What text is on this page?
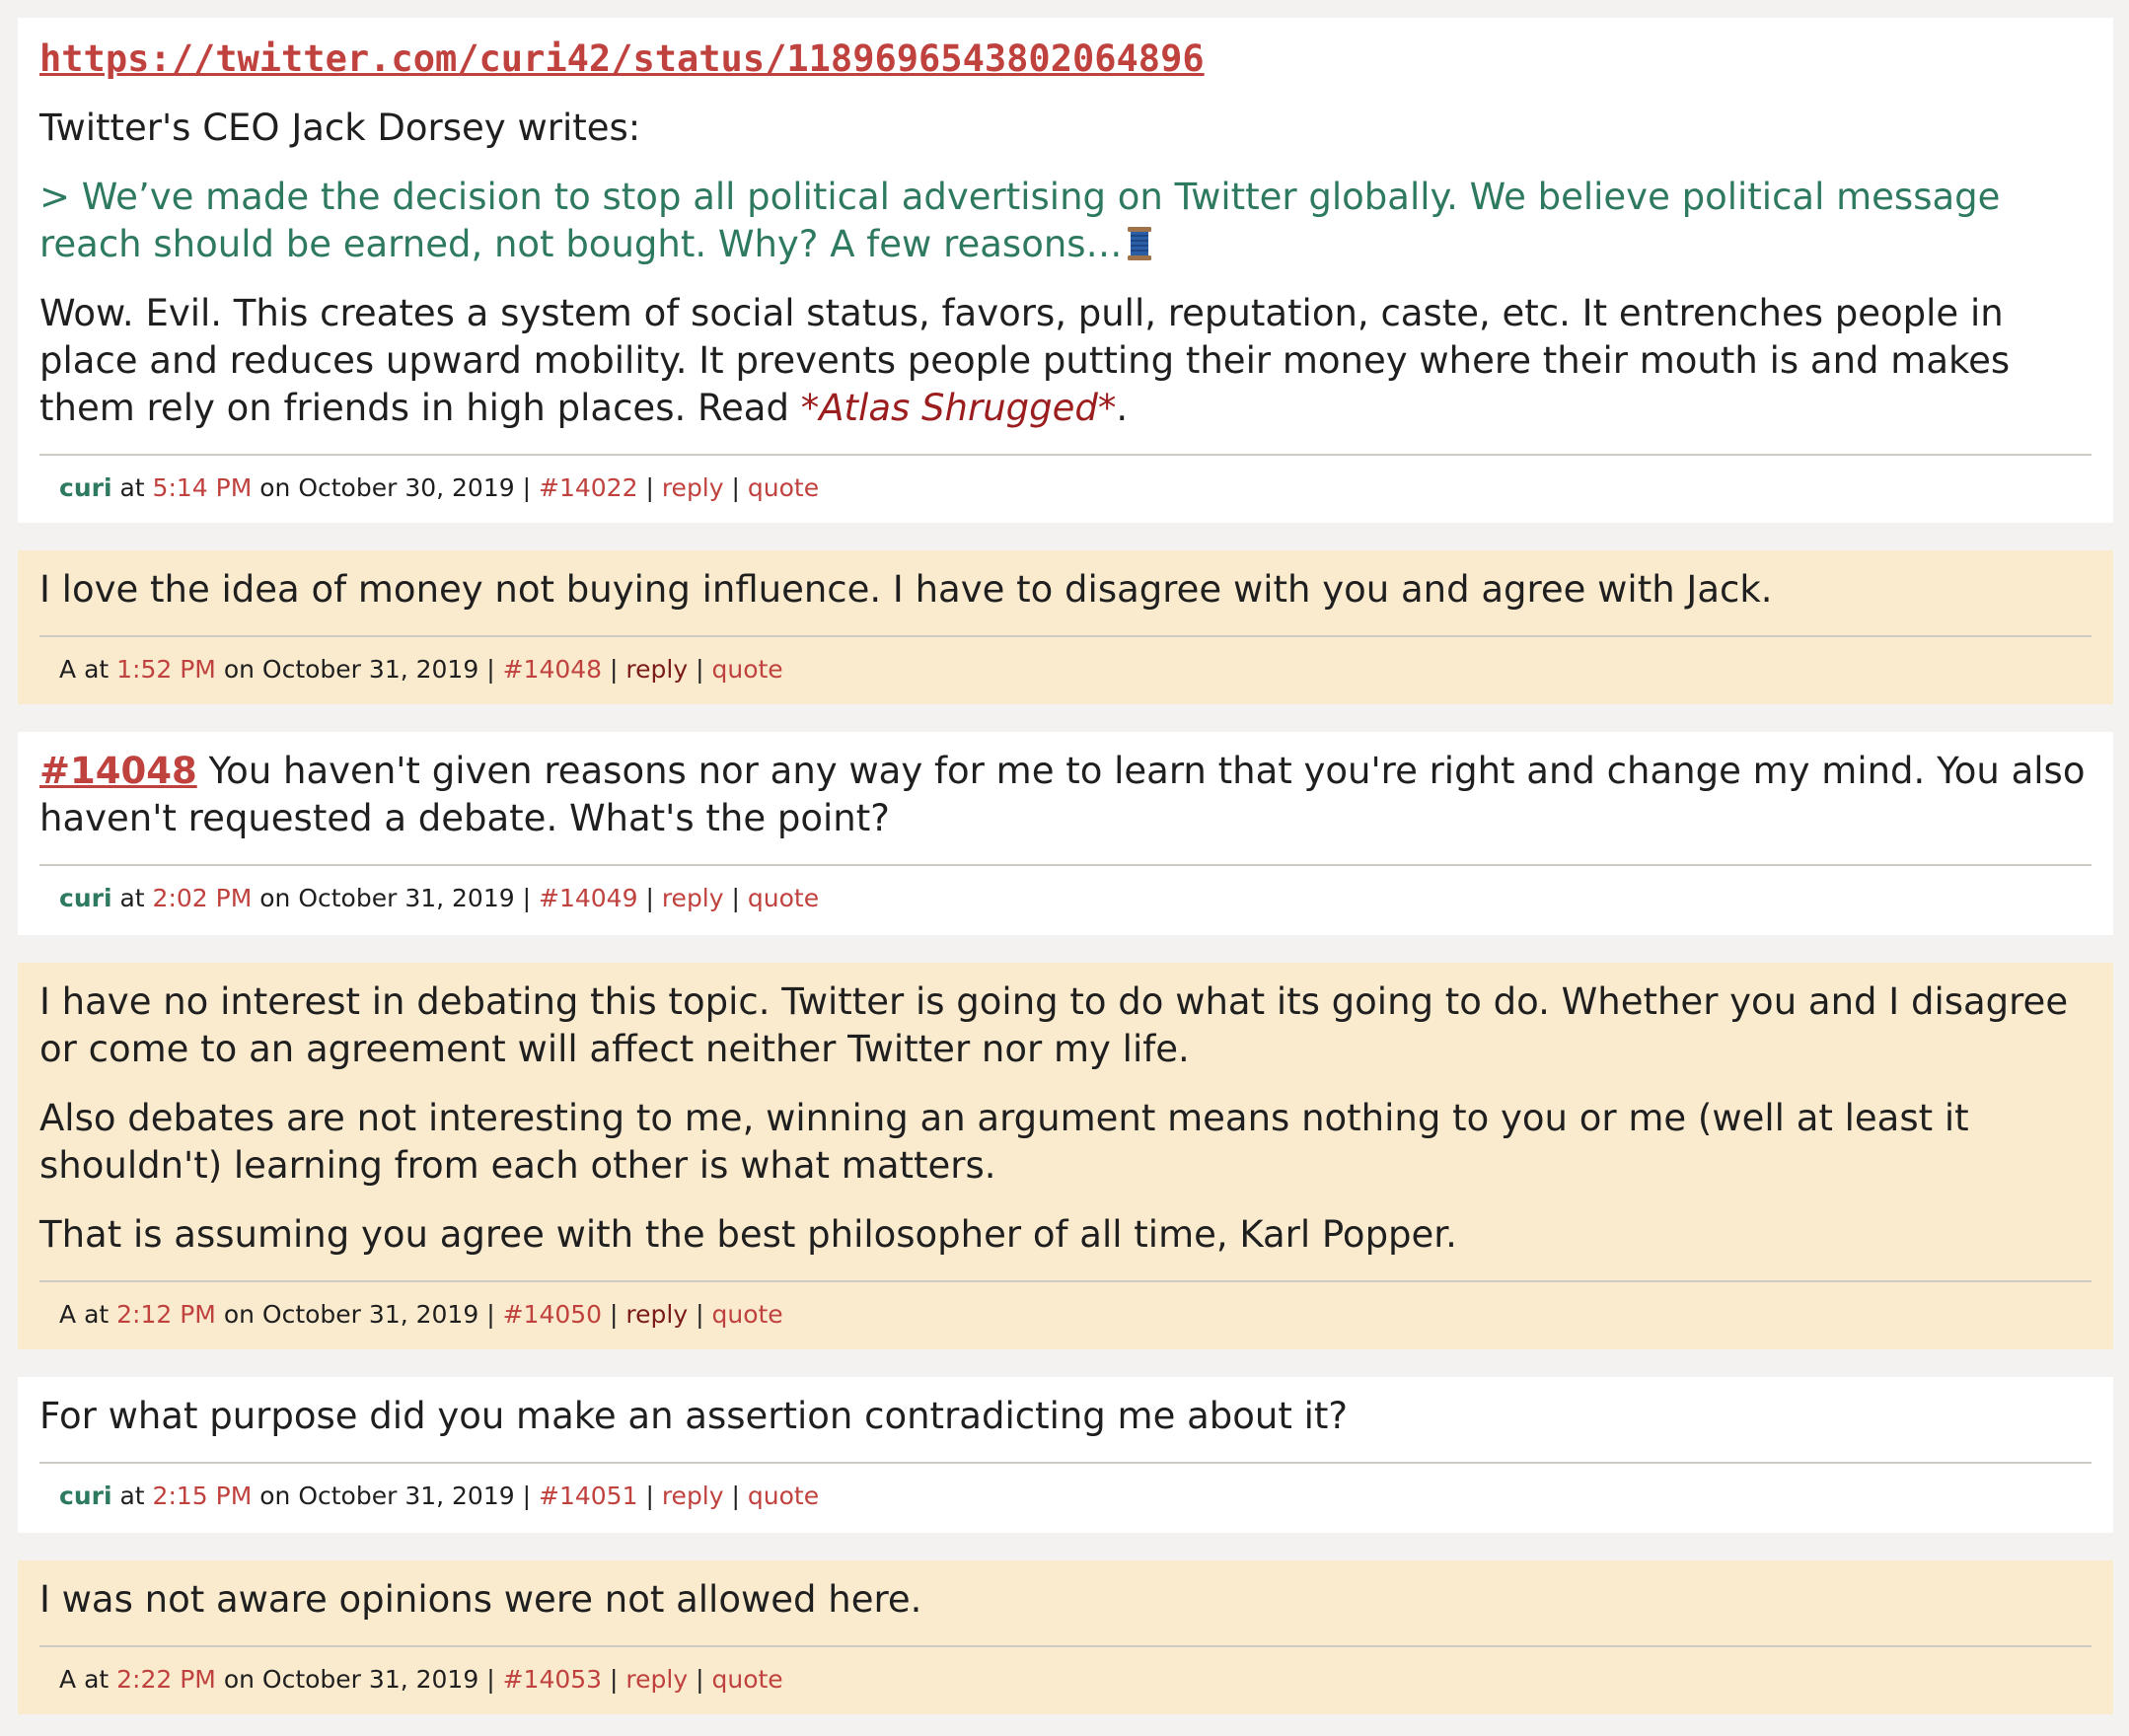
https://twitter.com/curi42/status/1189696543802064896

Twitter's CEO Jack Dorsey writes:

> We’ve made the decision to stop all political advertising on Twitter globally. We believe political message reach should be earned, not bought. Why? A few reasons…

Wow. Evil. This creates a system of social status, favors, pull, reputation, caste, etc. It entrenches people in place and reduces upward mobility. It prevents people putting their money where their mouth is and makes them rely on friends in high places. Read *Atlas Shrugged*.

curi at 5:14 PM on October 30, 2019 | #14022 | reply | quote

I love the idea of money not buying influence. I have to disagree with you and agree with Jack.

A at 1:52 PM on October 31, 2019 | #14048 | reply | quote

#14048 You haven't given reasons nor any way for me to learn that you're right and change my mind. You also haven't requested a debate. What's the point?

curi at 2:02 PM on October 31, 2019 | #14049 | reply | quote

I have no interest in debating this topic. Twitter is going to do what its going to do. Whether you and I disagree or come to an agreement will affect neither Twitter nor my life.

Also debates are not interesting to me, winning an argument means nothing to you or me (well at least it shouldn't) learning from each other is what matters.

That is assuming you agree with the best philosopher of all time, Karl Popper.

A at 2:12 PM on October 31, 2019 | #14050 | reply | quote

For what purpose did you make an assertion contradicting me about it?

curi at 2:15 PM on October 31, 2019 | #14051 | reply | quote

I was not aware opinions were not allowed here.

A at 2:22 PM on October 31, 2019 | #14053 | reply | quote
